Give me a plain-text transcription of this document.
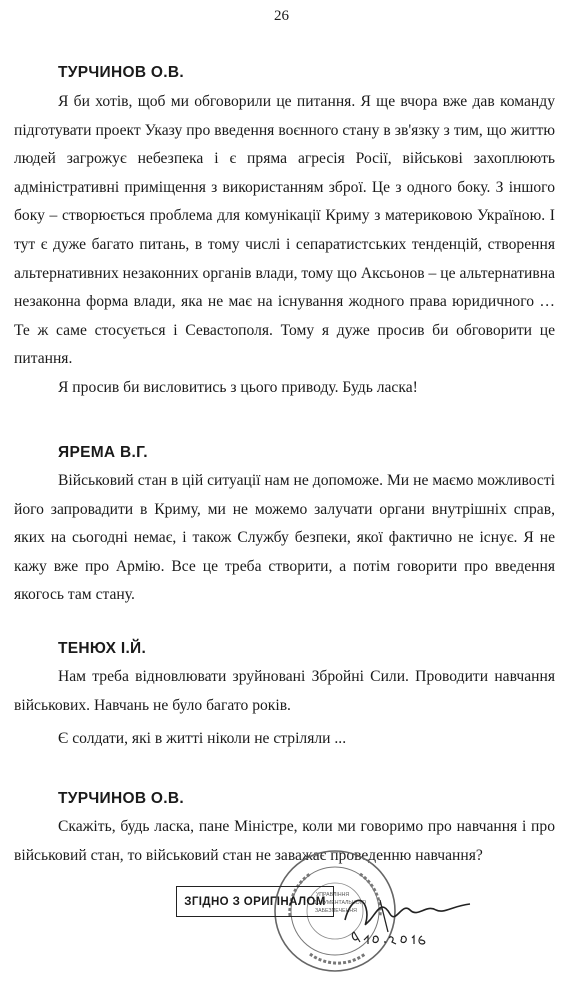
26
ТУРЧИНОВ О.В.

Я би хотів, щоб ми обговорили це питання. Я ще вчора вже дав команду підготувати проект Указу про введення воєнного стану в зв'язку з тим, що життю людей загрожує небезпека і є пряма агресія Росії, військові захоплюють адміністративні приміщення з використанням зброї. Це з одного боку. З іншого боку – створюється проблема для комунікації Криму з материковою Україною. І тут є дуже багато питань, в тому числі і сепаратистських тенденцій, створення альтернативних незаконних органів влади, тому що Аксьонов – це альтернативна незаконна форма влади, яка не має на існування жодного права юридичного … Те ж саме стосується і Севастополя. Тому я дуже просив би обговорити це питання.

Я просив би висловитись з цього приводу. Будь ласка!

ЯРЕМА В.Г.

Військовий стан в цій ситуації нам не допоможе. Ми не маємо можливості його запровадити в Криму, ми не можемо залучати органи внутрішніх справ, яких на сьогодні немає, і також Службу безпеки, якої фактично не існує. Я не кажу вже про Армію. Все це треба створити, а потім говорити про введення якогось там стану.

ТЕНЮХ І.Й.

Нам треба відновлювати зруйновані Збройні Сили. Проводити навчання військових. Навчань не було багато років.

Є солдати, які в житті ніколи не стріляли ...

ТУРЧИНОВ О.В.

Скажіть, будь ласка, пане Міністре, коли ми говоримо про навчання і про військовий стан, то військовий стан не заважає проведенню навчання?

УПРАВЛІННЯ
ДОКУМЕНТАЛЬНОГО
ЗАБЕЗПЕЧЕННЯ
ЗГІДНО З ОРИГІНАЛОМ
